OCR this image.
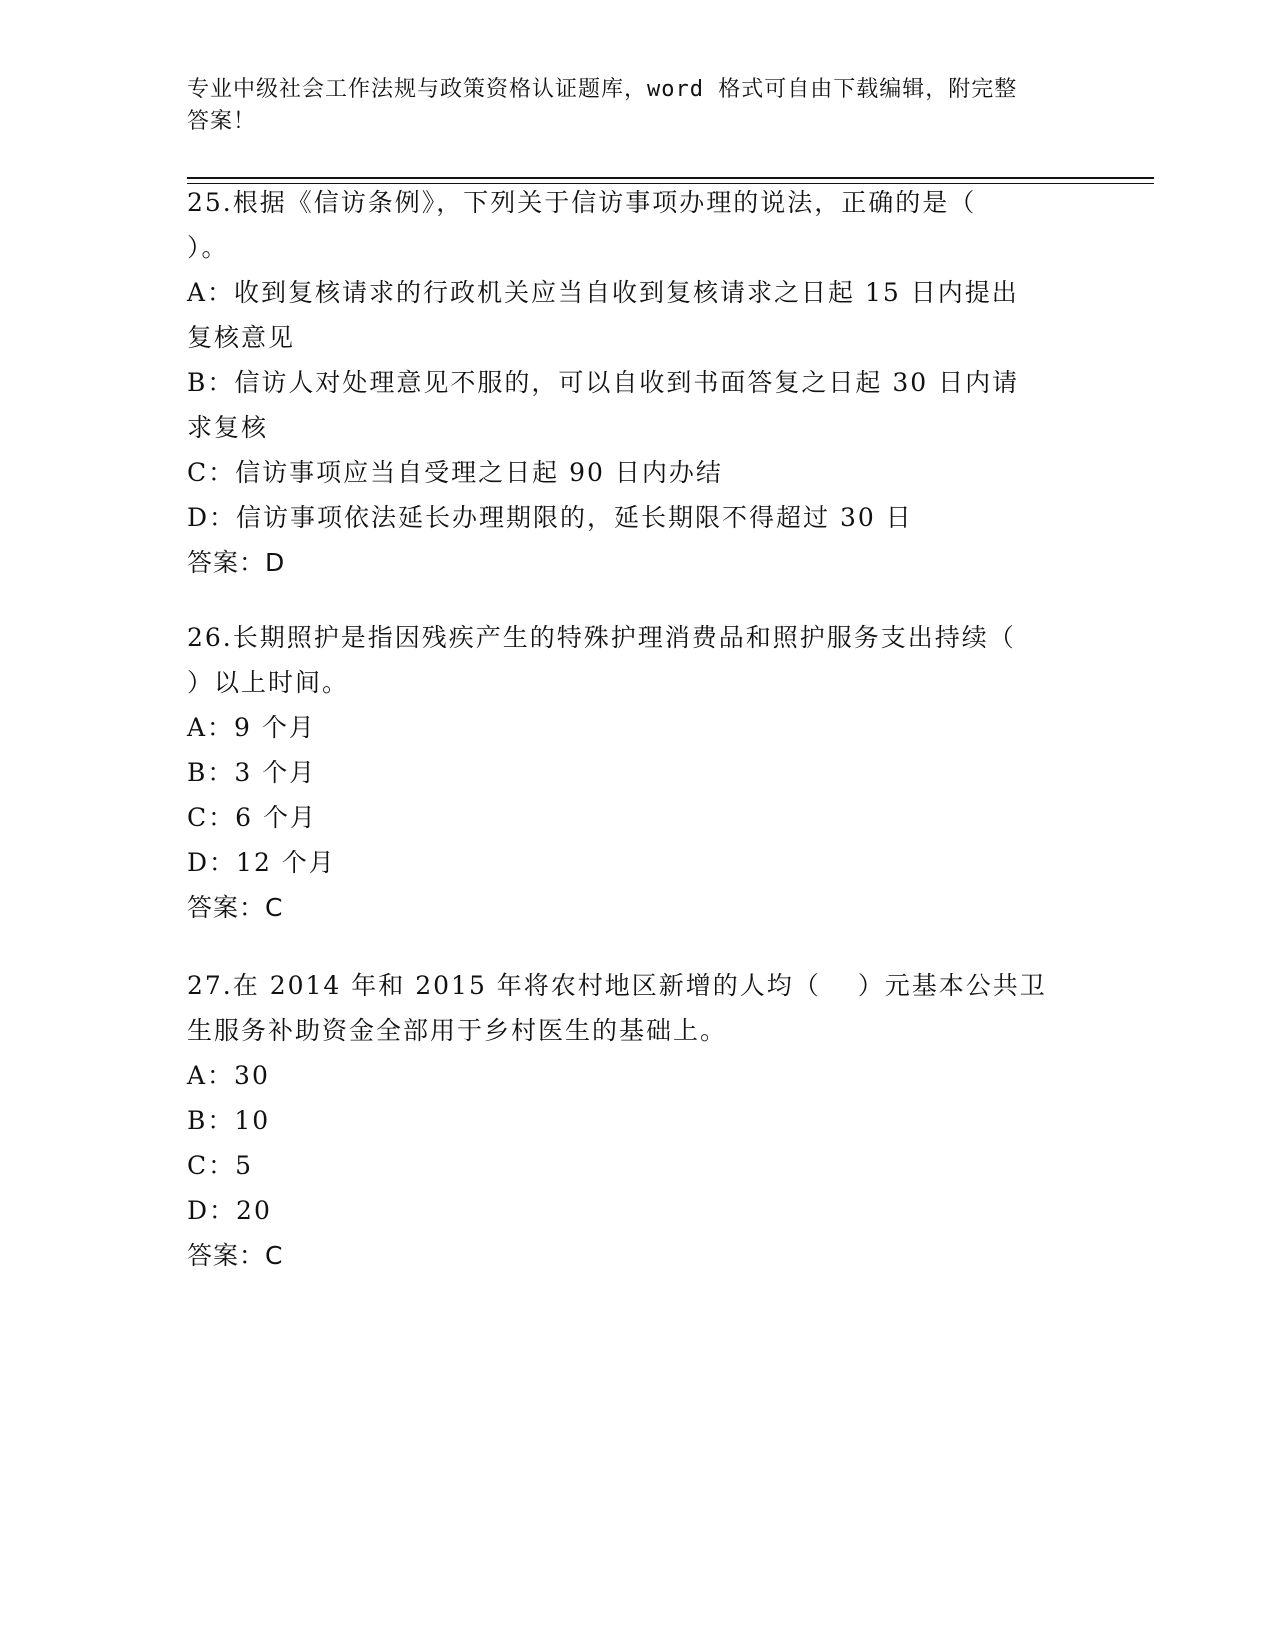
专业中级社会工作法规与政策资格认证题库，word 格式可自由下载编辑，附完整
答案！
25.根据《信访条例》，下列关于信访事项办理的说法，正确的是（
）。
A：收到复核请求的行政机关应当自收到复核请求之日起 15 日内提出
复核意见
B：信访人对处理意见不服的，可以自收到书面答复之日起 30 日内请
求复核
C：信访事项应当自受理之日起 90 日内办结
D：信访事项依法延长办理期限的，延长期限不得超过 30 日
答案：D
26.长期照护是指因残疾产生的特殊护理消费品和照护服务支出持续（
）以上时间。
A：9 个月
B：3 个月
C：6 个月
D：12 个月
答案：C
27.在 2014 年和 2015 年将农村地区新增的人均（　 ）元基本公共卫
生服务补助资金全部用于乡村医生的基础上。
A：30
B：10
C：5
D：20
答案：C
